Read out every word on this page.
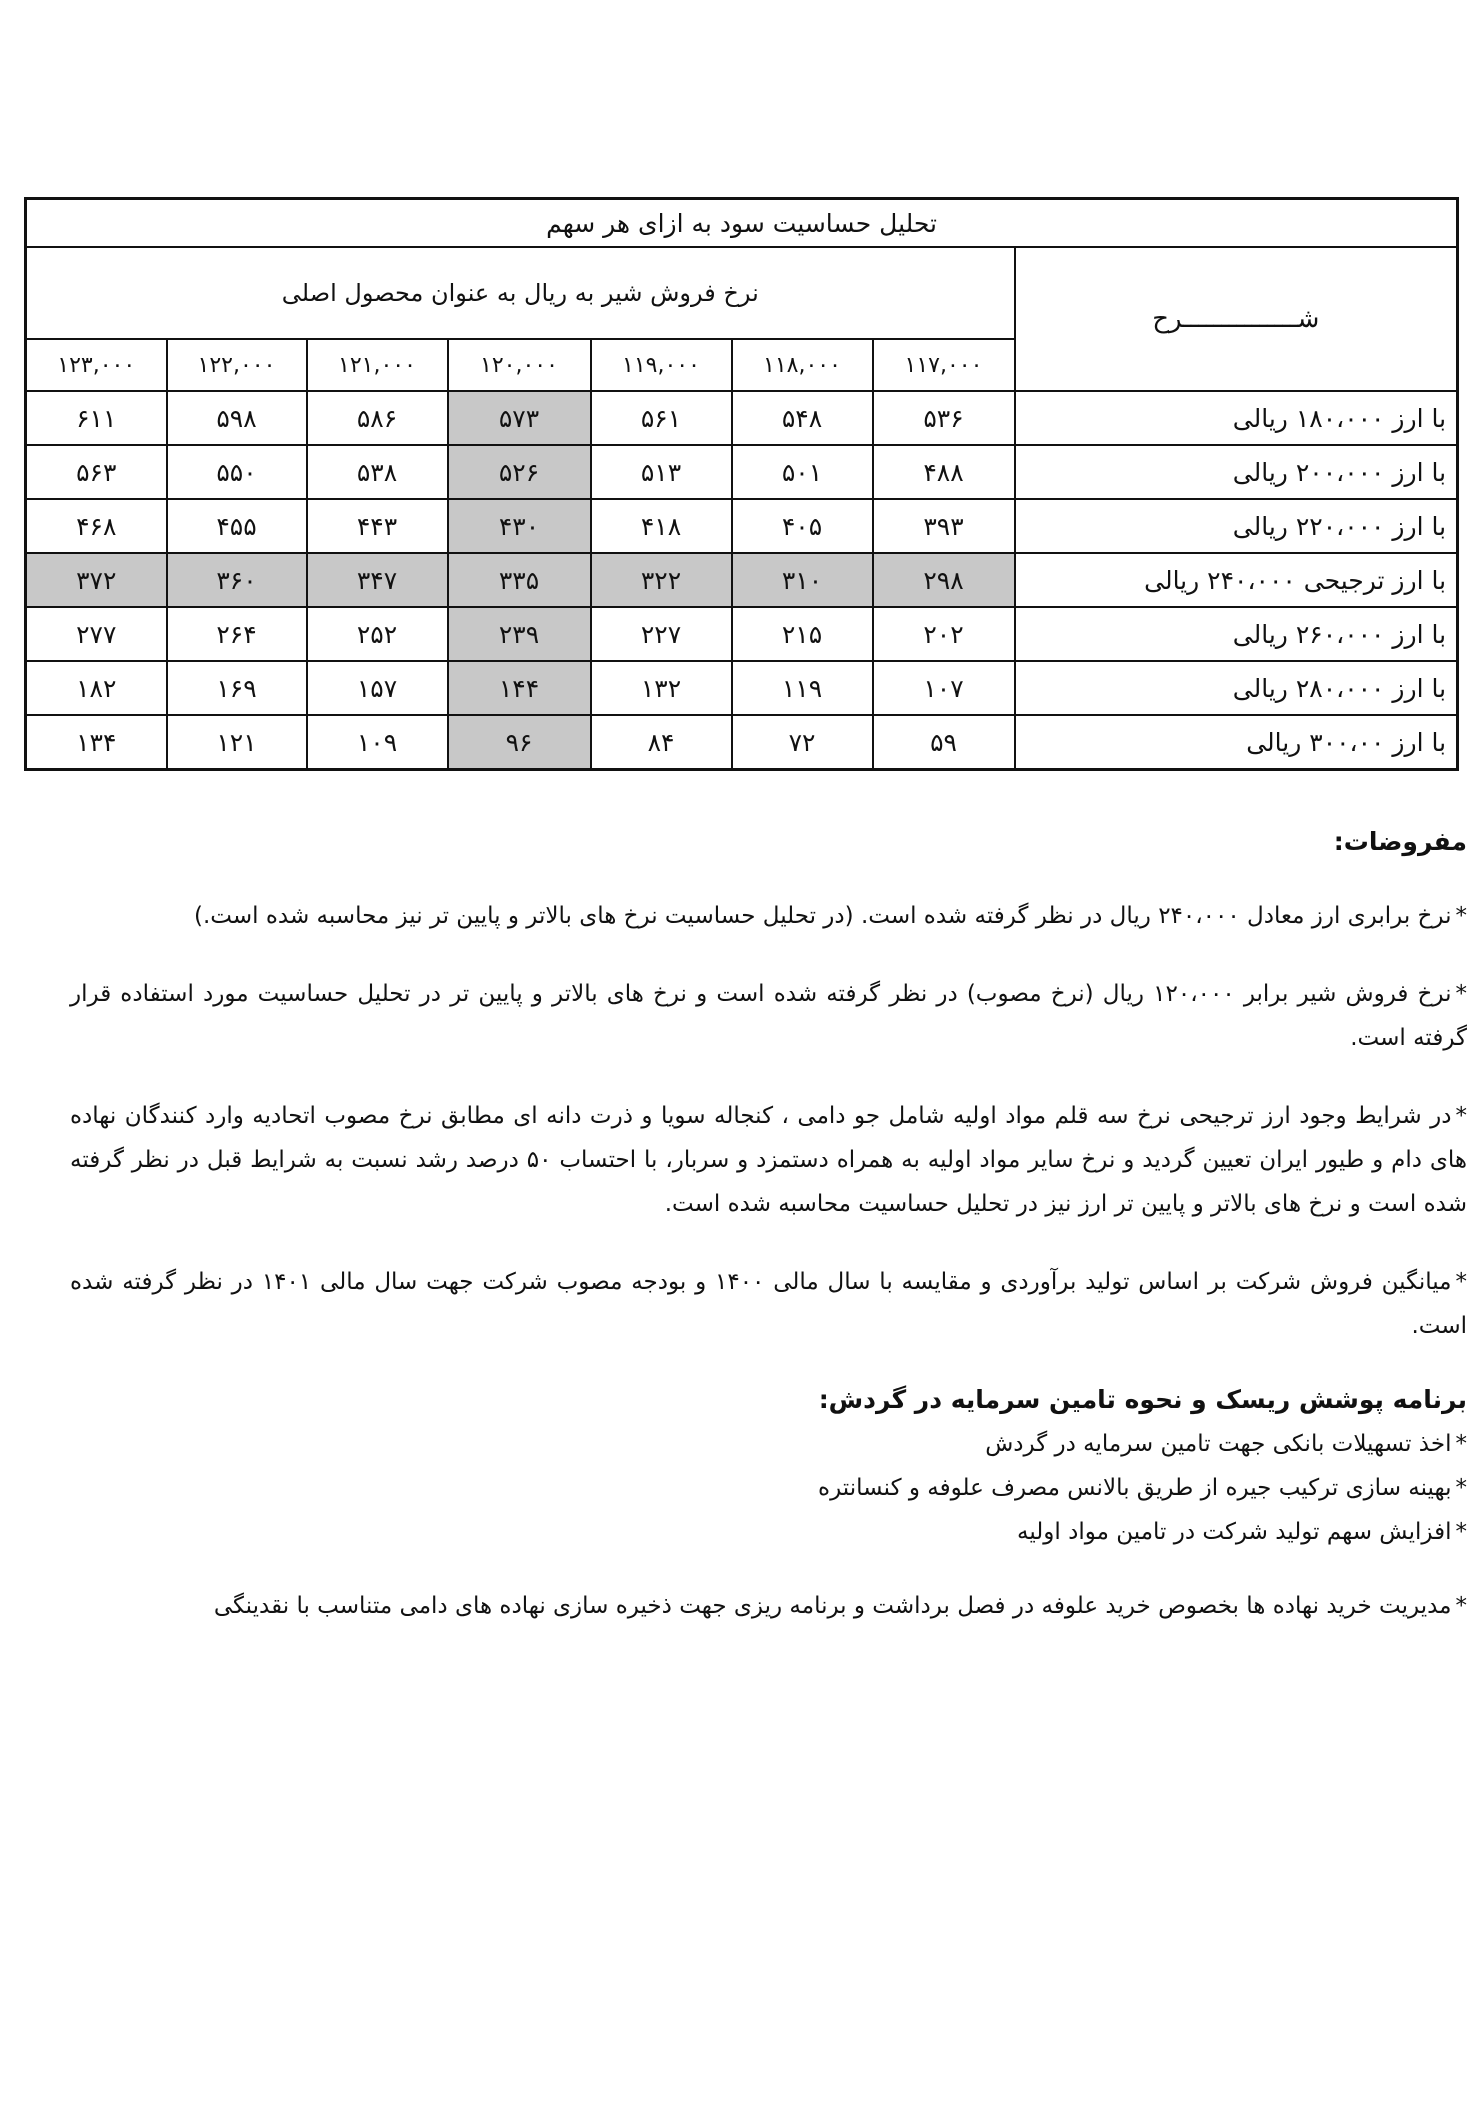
تحلیل حساسیت سود به ازای هر سهم							
نرخ فروش شیر به ریال به عنوان محصول اصلی							شـــــــــــــــرح
۱۲۳,۰۰۰	۱۲۲,۰۰۰	۱۲۱,۰۰۰	۱۲۰,۰۰۰	۱۱۹,۰۰۰	۱۱۸,۰۰۰	۱۱۷,۰۰۰	
۶۱۱	۵۹۸	۵۸۶	۵۷۳	۵۶۱	۵۴۸	۵۳۶	با ارز ۱۸۰،۰۰۰ ریالی
۵۶۳	۵۵۰	۵۳۸	۵۲۶	۵۱۳	۵۰۱	۴۸۸	با ارز ۲۰۰،۰۰۰ ریالی
۴۶۸	۴۵۵	۴۴۳	۴۳۰	۴۱۸	۴۰۵	۳۹۳	با ارز ۲۲۰،۰۰۰ ریالی
۳۷۲	۳۶۰	۳۴۷	۳۳۵	۳۲۲	۳۱۰	۲۹۸	با ارز ترجیحی ۲۴۰،۰۰۰ ریالی
۲۷۷	۲۶۴	۲۵۲	۲۳۹	۲۲۷	۲۱۵	۲۰۲	با ارز ۲۶۰،۰۰۰ ریالی
۱۸۲	۱۶۹	۱۵۷	۱۴۴	۱۳۲	۱۱۹	۱۰۷	با ارز ۲۸۰،۰۰۰ ریالی
۱۳۴	۱۲۱	۱۰۹	۹۶	۸۴	۷۲	۵۹	با ارز ۳۰۰،۰۰ ریالی

مفروضات:

*نرخ برابری ارز معادل ۲۴۰،۰۰۰ ریال در نظر گرفته شده است. (در تحلیل حساسیت نرخ های بالاتر و پایین تر نیز محاسبه شده است.)

*نرخ فروش شیر برابر ۱۲۰،۰۰۰ ریال (نرخ مصوب) در نظر گرفته شده است و نرخ های بالاتر و پایین تر در تحلیل حساسیت مورد استفاده قرار گرفته است.

*در شرایط وجود ارز ترجیحی نرخ سه قلم مواد اولیه شامل جو دامی ، کنجاله سویا و ذرت دانه ای مطابق نرخ مصوب اتحادیه وارد کنندگان نهاده های دام و طیور ایران تعیین گردید و نرخ سایر مواد اولیه به همراه دستمزد و سربار، با احتساب ۵۰ درصد رشد نسبت به شرایط قبل در نظر گرفته شده است و نرخ های بالاتر و پایین تر ارز نیز در تحلیل حساسیت محاسبه شده است.

*میانگین فروش شرکت بر اساس تولید برآوردی و مقایسه با سال مالی ۱۴۰۰ و بودجه مصوب شرکت جهت سال مالی ۱۴۰۱ در نظر گرفته شده است.

برنامه پوشش ریسک و نحوه تامین سرمایه در گردش:

*اخذ تسهیلات بانکی جهت تامین سرمایه در گردش
*بهینه سازی ترکیب جیره از طریق بالانس مصرف علوفه و کنسانتره
*افزایش سهم تولید شرکت در تامین مواد اولیه

*مدیریت خرید نهاده ها بخصوص خرید علوفه در فصل برداشت و برنامه ریزی جهت ذخیره سازی نهاده های دامی متناسب با نقدینگی
